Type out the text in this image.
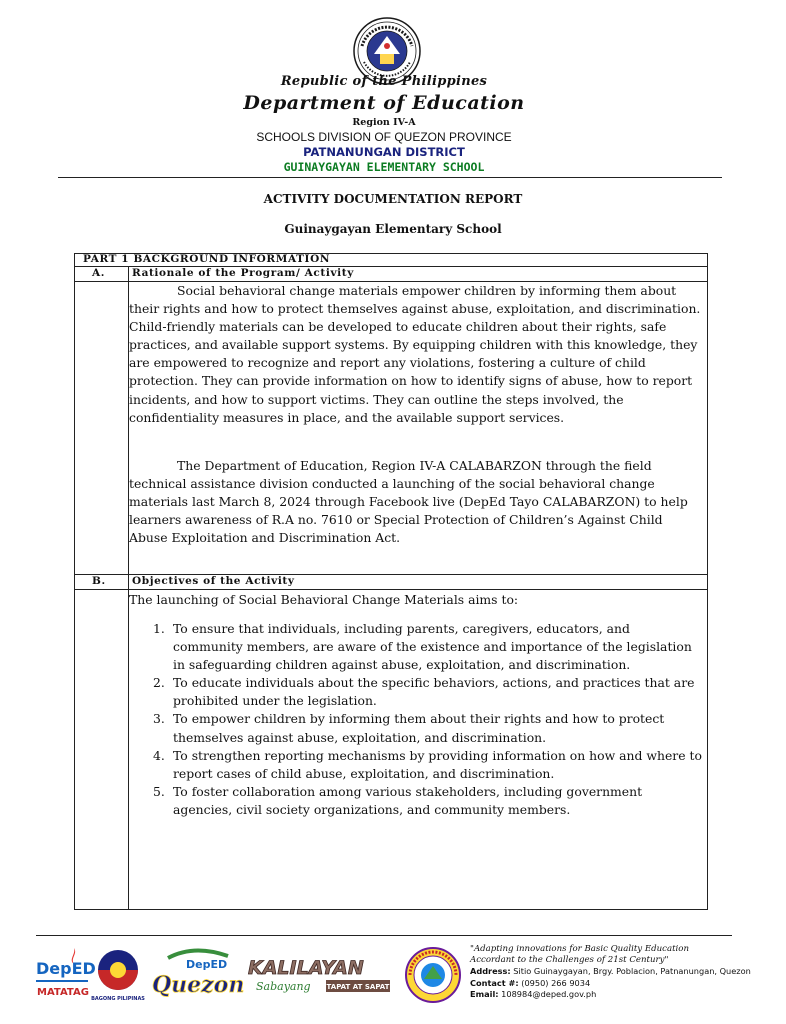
Republic of the Philippines
Department of Education
Region IV-A
SCHOOLS DIVISION OF QUEZON PROVINCE
PATNANUNGAN DISTRICT
GUINAYGAYAN ELEMENTARY SCHOOL
ACTIVITY DOCUMENTATION REPORT
Guinaygayan Elementary School
PART 1 BACKGROUND INFORMATION
A.	Rationale of the Program/ Activity

Social behavioral change materials empower children by informing them about their rights and how to protect themselves against abuse, exploitation, and discrimination. Child-friendly materials can be developed to educate children about their rights, safe practices, and available support systems. By equipping children with this knowledge, they are empowered to recognize and report any violations, fostering a culture of child protection. They can provide information on how to identify signs of abuse, how to report incidents, and how to support victims. They can outline the steps involved, the confidentiality measures in place, and the available support services.

The Department of Education, Region IV-A CALABARZON through the field technical assistance division conducted a launching of the social behavioral change materials last March 8, 2024 through Facebook live (DepEd Tayo CALABARZON) to help learners awareness of R.A no. 7610 or Special Protection of Children’s Against Child Abuse Exploitation and Discrimination Act.

B.	Objectives of the Activity

The launching of Social Behavioral Change Materials aims to:

1. To ensure that individuals, including parents, caregivers, educators, and community members, are aware of the existence and importance of the legislation in safeguarding children against abuse, exploitation, and discrimination.
2. To educate individuals about the specific behaviors, actions, and practices that are prohibited under the legislation.
3. To empower children by informing them about their rights and how to protect themselves against abuse, exploitation, and discrimination.
4. To strengthen reporting mechanisms by providing information on how and where to report cases of child abuse, exploitation, and discrimination.
5. To foster collaboration among various stakeholders, including government agencies, civil society organizations, and community members.
DepED
MATATAG
BAGONG PILIPINAS
DepED
Quezon
KALILAYAN
Sabayang TAPAT AT SAPAT
"Adapting innovations for Basic Quality Education
Accordant to the Challenges of 21st Century"
Address: Sitio Guinaygayan, Brgy. Poblacion, Patnanungan, Quezon
Contact #: (0950) 266 9034
Email: 108984@deped.gov.ph
